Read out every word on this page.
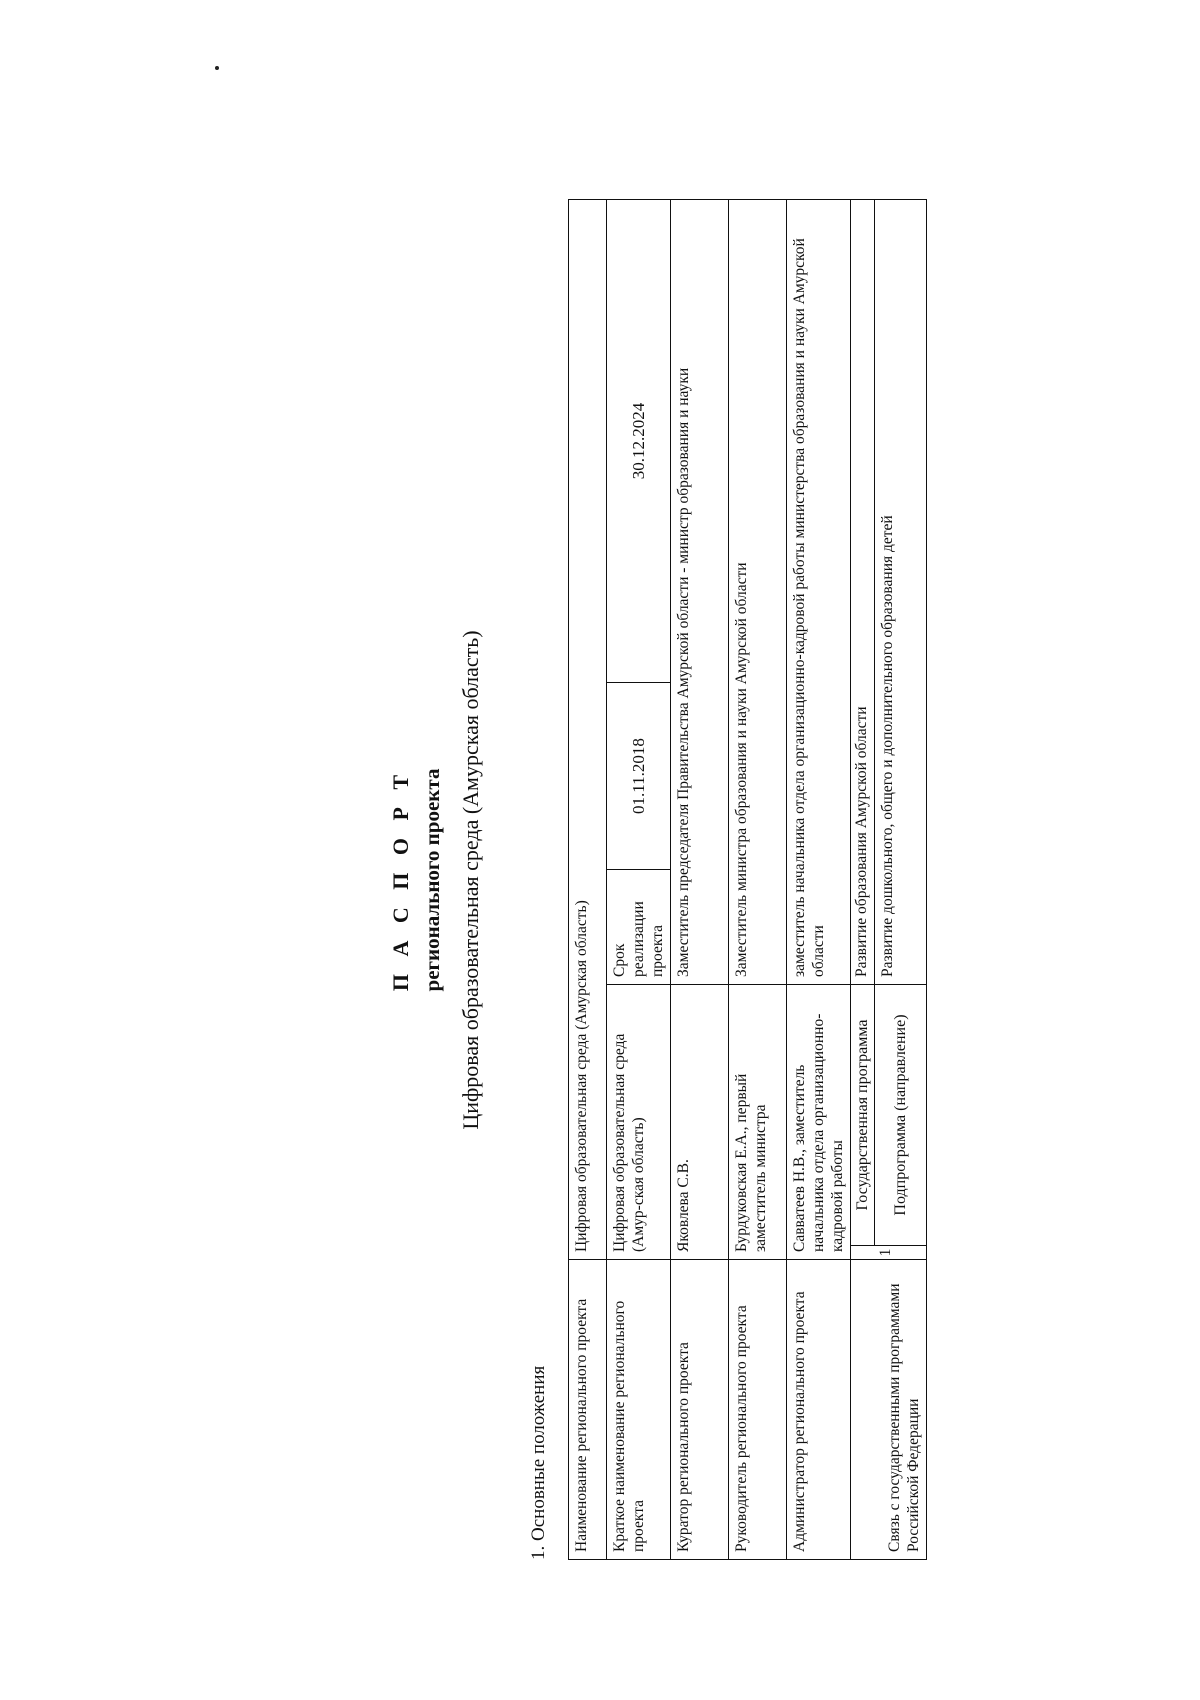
П А С П О Р Т регионального проекта Цифровая образовательная среда (Амурская область)
1. Основные положения Наименование регионального проекта	Цифровая образовательная среда (Амурская область)				
Краткое наименование регионального проекта	Цифровая образовательная среда (Амур-ская область)		Срок реализации проекта	01.11.2018	30.12.2024
Куратор регионального проекта	Яковлева С.В.		Заместитель председателя Правительства Амурской области - министр образования и науки		
Руководитель регионального проекта	Бурдуковская Е.А., первый заместитель министра		Заместитель министра образования и науки Амурской области		
Администратор регионального проекта	Савватеев Н.В., заместитель начальника отдела организационно-кадровой работы		заместитель начальника отдела организационно-кадровой работы министерства образования и науки Амурской области		
Связь с государственными программами Российской Федерации		Государственная программа	Развитие образования Амурской области		
	1	Подпрограмма (направление)	Развитие дошкольного, общего и дополнительного образования детей		
